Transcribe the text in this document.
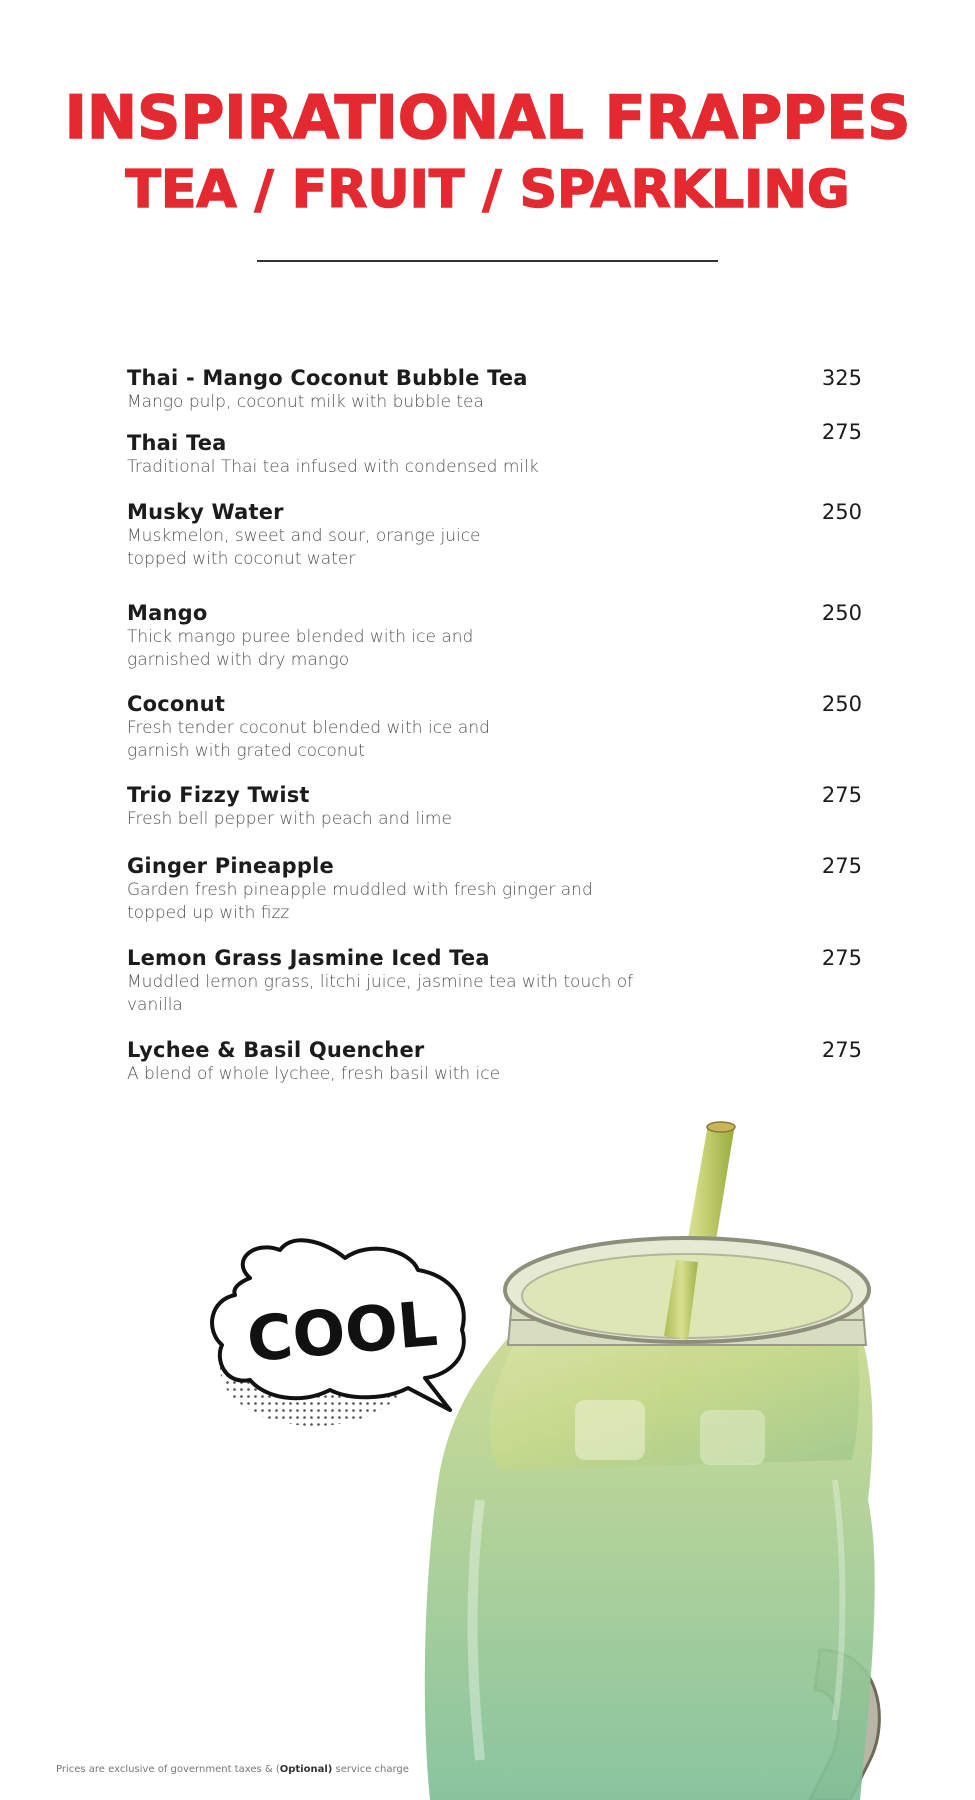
INSPIRATIONAL FRAPPES
TEA / FRUIT / SPARKLING
Thai - Mango Coconut Bubble Tea	325
Mango pulp, coconut milk with bubble tea
Thai Tea	275
Traditional Thai tea infused with condensed milk
Musky Water	250
Muskmelon, sweet and sour, orange juice topped with coconut water
Mango	250
Thick mango puree blended with ice and garnished with dry mango
Coconut	250
Fresh tender coconut blended with ice and garnish with grated coconut
Trio Fizzy Twist	275
Fresh bell pepper with peach and lime
Ginger Pineapple	275
Garden fresh pineapple muddled with fresh ginger and topped up with fizz
Lemon Grass Jasmine Iced Tea	275
Muddled lemon grass, litchi juice, jasmine tea with touch of vanilla
Lychee & Basil Quencher	275
A blend of whole lychee, fresh basil with ice
COOL
Prices are exclusive of government taxes & (Optional) service charge
